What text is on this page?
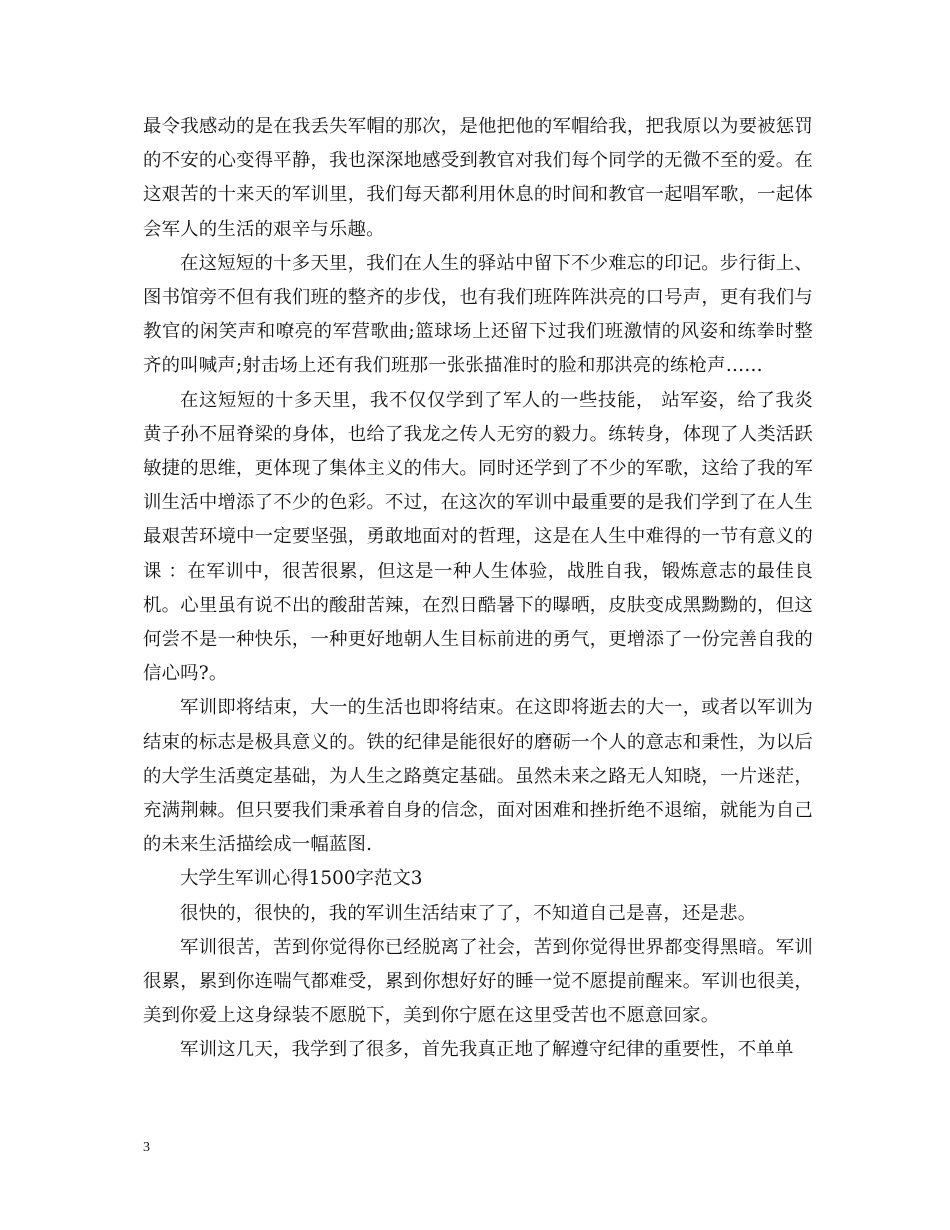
最令我感动的是在我丢失军帽的那次，是他把他的军帽给我，把我原以为要被惩罚的不安的心变得平静，我也深深地感受到教官对我们每个同学的无微不至的爱。在这艰苦的十来天的军训里，我们每天都利用休息的时间和教官一起唱军歌，一起体会军人的生活的艰辛与乐趣。

在这短短的十多天里，我们在人生的驿站中留下不少难忘的印记。步行街上、图书馆旁不但有我们班的整齐的步伐，也有我们班阵阵洪亮的口号声，更有我们与教官的闲笑声和嘹亮的军营歌曲;篮球场上还留下过我们班激情的风姿和练拳时整齐的叫喊声;射击场上还有我们班那一张张描准时的脸和那洪亮的练枪声……

在这短短的十多天里，我不仅仅学到了军人的一些技能， 站军姿，给了我炎黄子孙不屈脊梁的身体，也给了我龙之传人无穷的毅力。练转身，体现了人类活跃敏捷的思维，更体现了集体主义的伟大。同时还学到了不少的军歌，这给了我的军训生活中增添了不少的色彩。不过，在这次的军训中最重要的是我们学到了在人生最艰苦环境中一定要坚强，勇敢地面对的哲理，这是在人生中难得的一节有意义的课 ：在军训中，很苦很累，但这是一种人生体验，战胜自我，锻炼意志的最佳良机。心里虽有说不出的酸甜苦辣，在烈日酷暑下的曝晒，皮肤变成黑黝黝的，但这何尝不是一种快乐，一种更好地朝人生目标前进的勇气，更增添了一份完善自我的信心吗?。

军训即将结束，大一的生活也即将结束。在这即将逝去的大一，或者以军训为结束的标志是极具意义的。铁的纪律是能很好的磨砺一个人的意志和秉性，为以后的大学生活奠定基础，为人生之路奠定基础。虽然未来之路无人知晓，一片迷茫，充满荆棘。但只要我们秉承着自身的信念，面对困难和挫折绝不退缩，就能为自己的未来生活描绘成一幅蓝图.

大学生军训心得1500字范文3

很快的，很快的，我的军训生活结束了了，不知道自己是喜，还是悲。

军训很苦，苦到你觉得你已经脱离了社会，苦到你觉得世界都变得黑暗。军训很累，累到你连喘气都难受，累到你想好好的睡一觉不愿提前醒来。军训也很美，美到你爱上这身绿装不愿脱下，美到你宁愿在这里受苦也不愿意回家。

军训这几天，我学到了很多，首先我真正地了解遵守纪律的重要性，不单单

3
